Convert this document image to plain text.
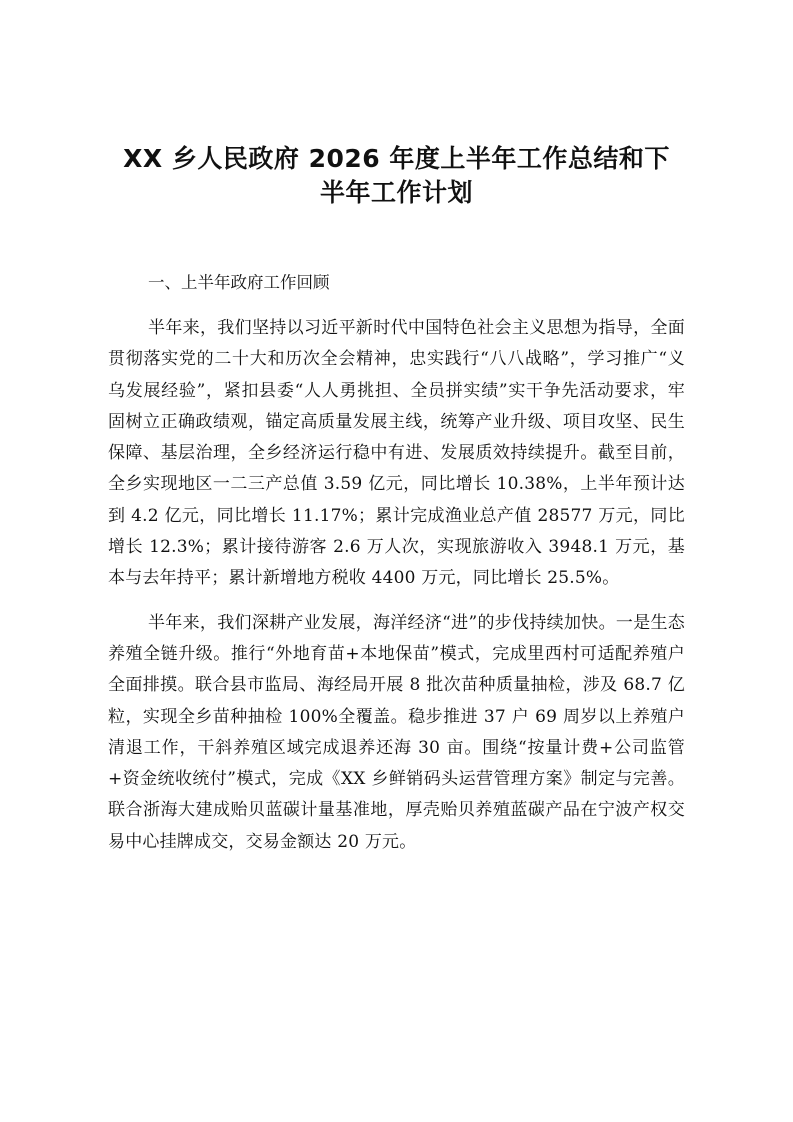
XX 乡人民政府 2026 年度上半年工作总结和下
半年工作计划

一、上半年政府工作回顾

半年来，我们坚持以习近平新时代中国特色社会主义思想为指导，全面贯彻落实党的二十大和历次全会精神，忠实践行“八八战略”，学习推广“义乌发展经验”，紧扣县委“人人勇挑担、全员拼实绩”实干争先活动要求，牢固树立正确政绩观，锚定高质量发展主线，统筹产业升级、项目攻坚、民生保障、基层治理，全乡经济运行稳中有进、发展质效持续提升。截至目前，全乡实现地区一二三产总值 3.59 亿元，同比增长 10.38%，上半年预计达到 4.2 亿元，同比增长 11.17%；累计完成渔业总产值 28577 万元，同比增长 12.3%；累计接待游客 2.6 万人次，实现旅游收入 3948.1 万元，基本与去年持平；累计新增地方税收 4400 万元，同比增长 25.5%。

半年来，我们深耕产业发展，海洋经济“进”的步伐持续加快。一是生态养殖全链升级。推行“外地育苗+本地保苗”模式，完成里西村可适配养殖户全面排摸。联合县市监局、海经局开展 8 批次苗种质量抽检，涉及 68.7 亿粒，实现全乡苗种抽检 100%全覆盖。稳步推进 37 户 69 周岁以上养殖户清退工作，干斜养殖区域完成退养还海 30 亩。围绕“按量计费+公司监管+资金统收统付”模式，完成《XX 乡鲜销码头运营管理方案》制定与完善。联合浙海大建成贻贝蓝碳计量基准地，厚壳贻贝养殖蓝碳产品在宁波产权交易中心挂牌成交，交易金额达 20 万元。
